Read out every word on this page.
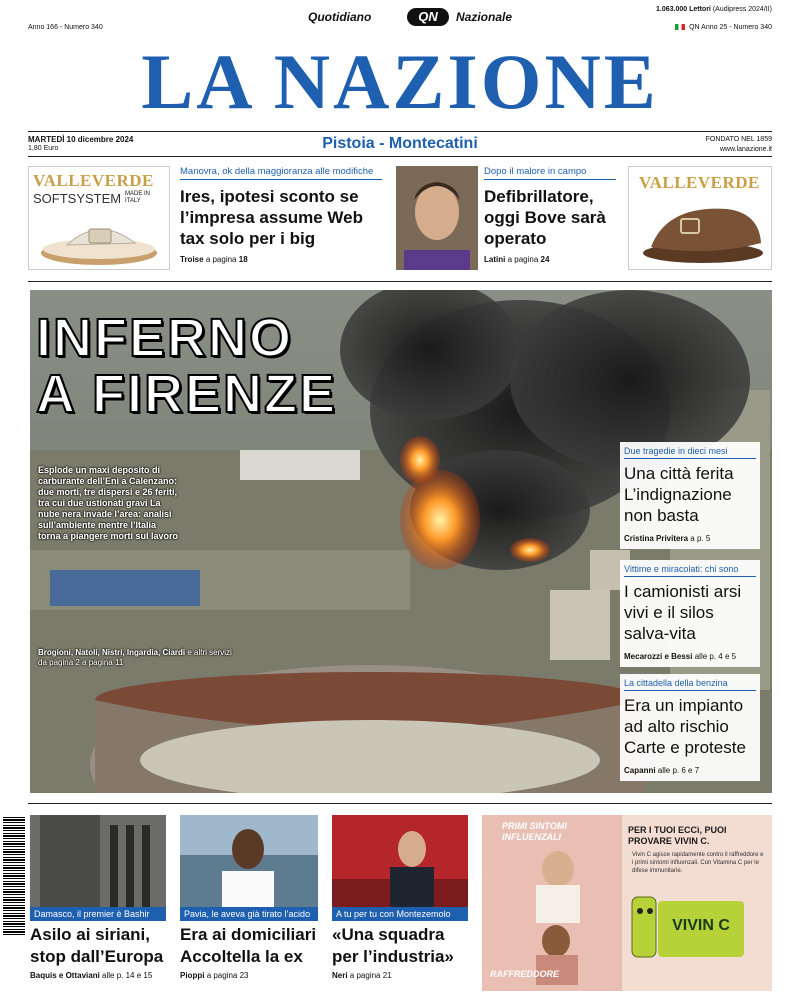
Quotidiano	QN	Nazionale
1.063.000 Lettori (Audipress 2024/II)
Anno 166 - Numero 340	QN Anno 25 - Numero 340
LA NAZIONE
MARTEDÌ 10 dicembre 2024
1,80 Euro	Pistoia - Montecatini	FONDATO NEL 1859
www.lanazione.it
VALLEVERDE
SOFTSYSTEM MADE IN ITALY
VALLEVERDE
Manovra, ok della maggioranza alle modifiche
Ires, ipotesi sconto se l’impresa assume Web tax solo per i big
Troise a pagina 18
Dopo il malore in campo
Defibrillatore, oggi Bove sarà operato
Latini a pagina 24
INFERNO
A FIRENZE
Esplode un maxi deposito di carburante dell’Eni a Calenzano: due morti, tre dispersi e 26 feriti, tra cui due ustionati gravi La nube nera invade l’area: analisi sull’ambiente mentre l’Italia torna a piangere morti sul lavoro
Brogioni, Natoli, Nistri, Ingardia, Ciardi e altri servizi da pagina 2 a pagina 11
Due tragedie in dieci mesi
Una città ferita L’indignazione non basta
Cristina Privitera a p. 5
Vittime e miracolati: chi sono
I camionisti arsi vivi e il silos salva-vita
Mecarozzi e Bessi alle p. 4 e 5
La cittadella della benzina
Era un impianto ad alto rischio Carte e proteste
Capanni alle p. 6 e 7
Damasco, il premier è Bashir
Asilo ai siriani, stop dall’Europa
Baquis e Ottaviani alle p. 14 e 15
Pavia, le aveva già tirato l’acido
Era ai domiciliari Accoltella la ex
Pioppi a pagina 23
A tu per tu con Montezemolo
«Una squadra per l’industria»
Neri a pagina 21
PRIMI SINTOMI INFLUENZALI
RAFFREDDORE
PER I TUOI ECCì, PUOI PROVARE VIVIN C.
Vivin C agisce rapidamente contro il raffreddore e i primi sintomi influenzali. Con Vitamina C per le difese immunitarie.
VIVIN C
